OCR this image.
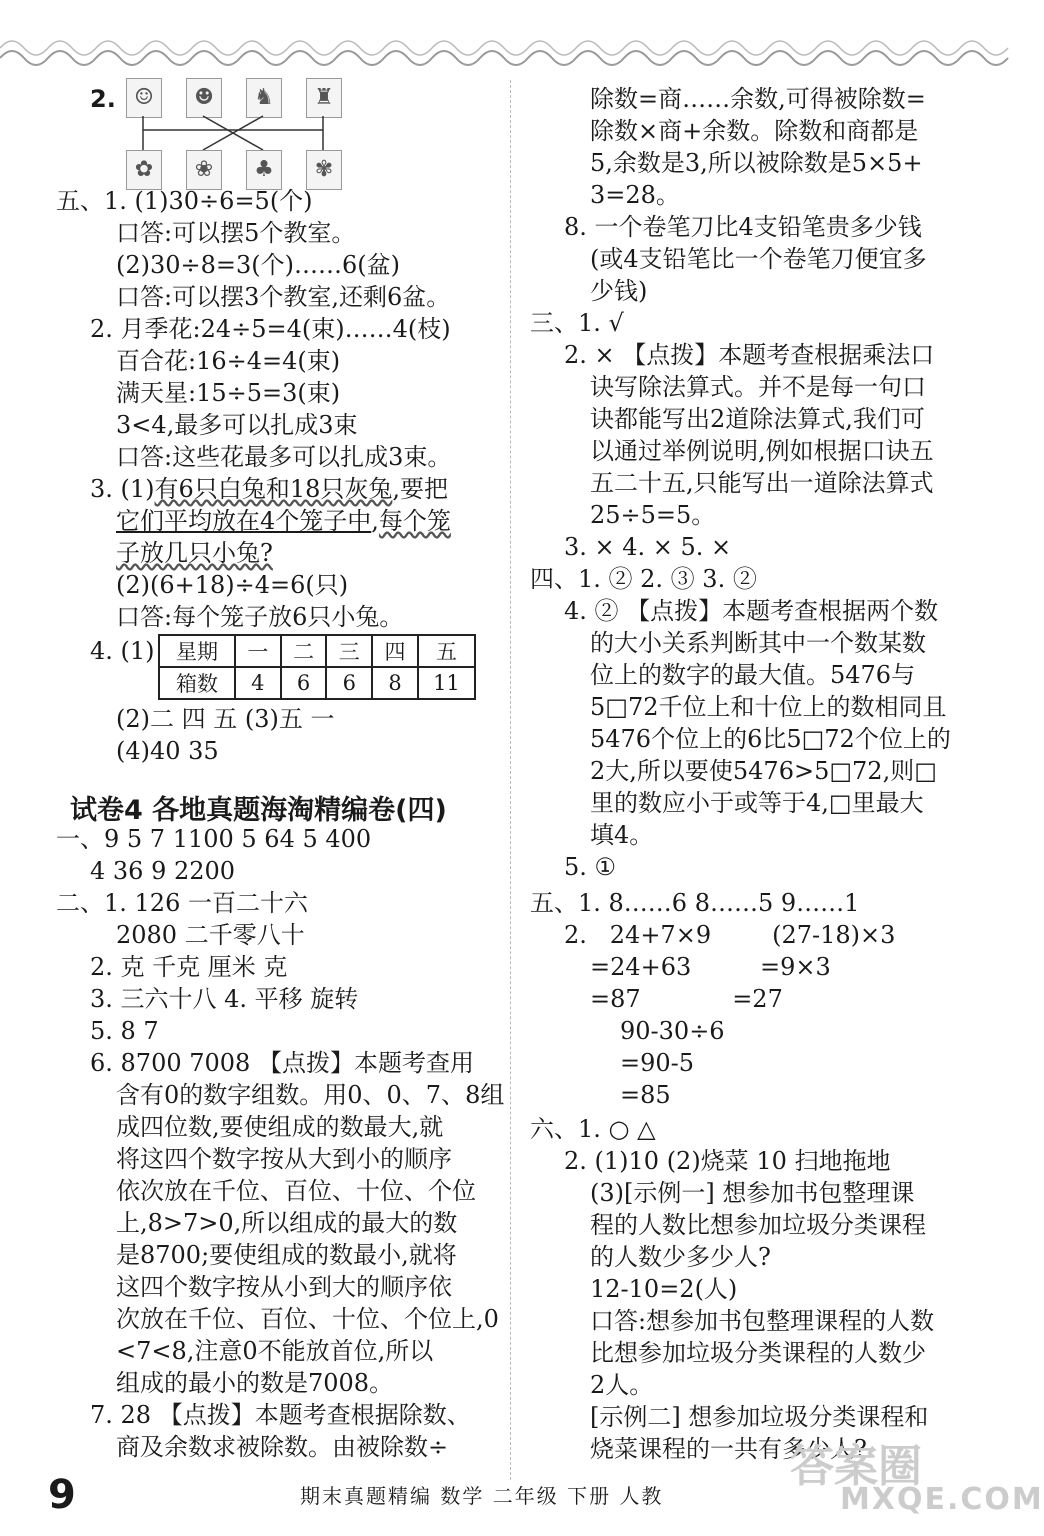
2. ☺	☻	♞	♜
✿	❀	♣	✾
五、1. (1)30÷6=5(个)
口答:可以摆5个教室。
(2)30÷8=3(个)……6(盆)
口答:可以摆3个教室,还剩6盆。
2. 月季花:24÷5=4(束)……4(枝)
百合花:16÷4=4(束)
满天星:15÷5=3(束)
3<4,最多可以扎成3束
口答:这些花最多可以扎成3束。
3. (1)有6只白兔和18只灰兔,要把
它们平均放在4个笼子中,每个笼
子放几只小兔?
(2)(6+18)÷4=6(只)
口答:每个笼子放6只小兔。
4. (1) 星期	一	二	三	四	五
箱数	4	6	6	8	11
(2)二 四 五 (3)五 一
(4)40 35
试卷4 各地真题海淘精编卷(四)
一、9 5 7 1100 5 64 5 400
4 36 9 2200
二、1. 126 一百二十六
2080 二千零八十
2. 克 千克 厘米 克
3. 三六十八 4. 平移 旋转
5. 8 7
6. 8700 7008 【点拨】本题考查用
含有0的数字组数。用0、0、7、8组
成四位数,要使组成的数最大,就
将这四个数字按从大到小的顺序
依次放在千位、百位、十位、个位
上,8>7>0,所以组成的最大的数
是8700;要使组成的数最小,就将
这四个数字按从小到大的顺序依
次放在千位、百位、十位、个位上,0
<7<8,注意0不能放首位,所以
组成的最小的数是7008。
7. 28 【点拨】本题考查根据除数、
商及余数求被除数。由被除数÷
除数=商……余数,可得被除数=
除数×商+余数。除数和商都是
5,余数是3,所以被除数是5×5+
3=28。
8. 一个卷笔刀比4支铅笔贵多少钱
(或4支铅笔比一个卷笔刀便宜多
少钱)
三、1. √
2. × 【点拨】本题考查根据乘法口
诀写除法算式。并不是每一句口
诀都能写出2道除法算式,我们可
以通过举例说明,例如根据口诀五
五二十五,只能写出一道除法算式
25÷5=5。
3. × 4. × 5. ×
四、1. ② 2. ③ 3. ②
4. ② 【点拨】本题考查根据两个数
的大小关系判断其中一个数某数
位上的数字的最大值。5476与
5□72千位上和十位上的数相同且
5476个位上的6比5□72个位上的
2大,所以要使5476>5□72,则□
里的数应小于或等于4,□里最大
填4。
5. ①
五、1. 8……6 8……5 9……1
2.   24+7×9        (27-18)×3
=24+63         =9×3
=87            =27
90-30÷6
=90-5
=85
六、1. ○ △
2. (1)10 (2)烧菜 10 扫地拖地
(3)[示例一] 想参加书包整理课
程的人数比想参加垃圾分类课程
的人数少多少人?
12-10=2(人)
口答:想参加书包整理课程的人数
比想参加垃圾分类课程的人数少
2人。
[示例二] 想参加垃圾分类课程和
烧菜课程的一共有多少人?
9	期末真题精编 数学 二年级 下册 人教
答案圈
MXQE.COM
